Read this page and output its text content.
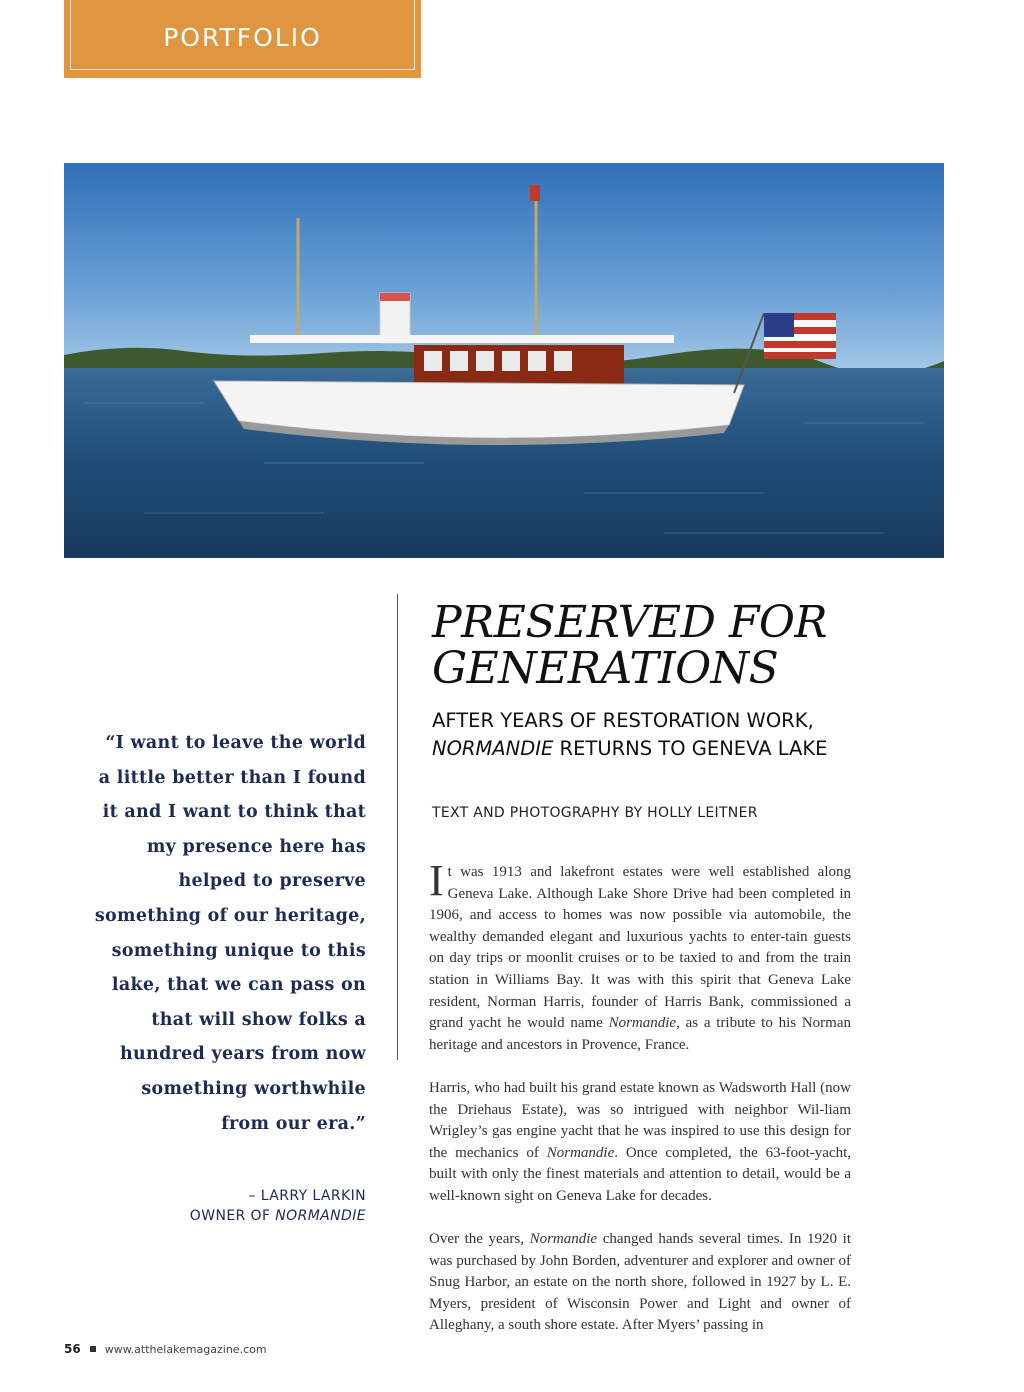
PORTFOLIO
“I want to leave the world a little better than I found it and I want to think that my presence here has helped to preserve something of our heritage, something unique to this lake, that we can pass on that will show folks a hundred years from now something worthwhile from our era.”
– LARRY LARKIN
OWNER OF NORMANDIE
PRESERVED FOR
GENERATIONS
AFTER YEARS OF RESTORATION WORK, NORMANDIE RETURNS TO GENEVA LAKE
TEXT AND PHOTOGRAPHY BY HOLLY LEITNER

It was 1913 and lakefront estates were well established along Geneva Lake. Although Lake Shore Drive had been completed in 1906, and access to homes was now possible via automobile, the wealthy demanded elegant and luxurious yachts to enter-tain guests on day trips or moonlit cruises or to be taxied to and from the train station in Williams Bay. It was with this spirit that Geneva Lake resident, Norman Harris, founder of Harris Bank, commissioned a grand yacht he would name Normandie, as a tribute to his Norman heritage and ancestors in Provence, France.

Harris, who had built his grand estate known as Wadsworth Hall (now the Driehaus Estate), was so intrigued with neighbor Wil-liam Wrigley’s gas engine yacht that he was inspired to use this design for the mechanics of Normandie. Once completed, the 63-foot-yacht, built with only the finest materials and attention to detail, would be a well-known sight on Geneva Lake for decades.

Over the years, Normandie changed hands several times. In 1920 it was purchased by John Borden, adventurer and explorer and owner of Snug Harbor, an estate on the north shore, followed in 1927 by L. E. Myers, president of Wisconsin Power and Light and owner of Alleghany, a south shore estate. After Myers’ passing in

56 www.atthelakemagazine.com
